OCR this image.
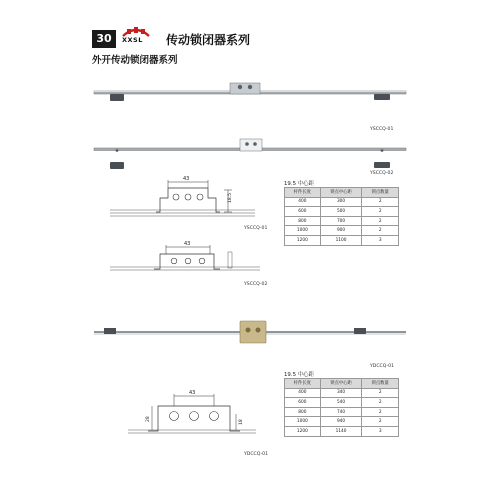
30	XXSL 传动锁闭器系列
外开传动锁闭器系列
YSCCQ-01
YSCCQ-02
43
18.5
YSCCQ-01
43
YSCCQ-02
19.5 中心距
杆件长度	锁点中心距	锁点数量
400	300	2
600	500	2
800	700	2
1000	900	2
1200	1100	3
YDCCQ-01
19.5 中心距
杆件长度	锁点中心距	锁点数量
400	340	2
600	540	2
800	740	2
1000	940	2
1200	1140	3
43
28
18
YDCCQ-01
